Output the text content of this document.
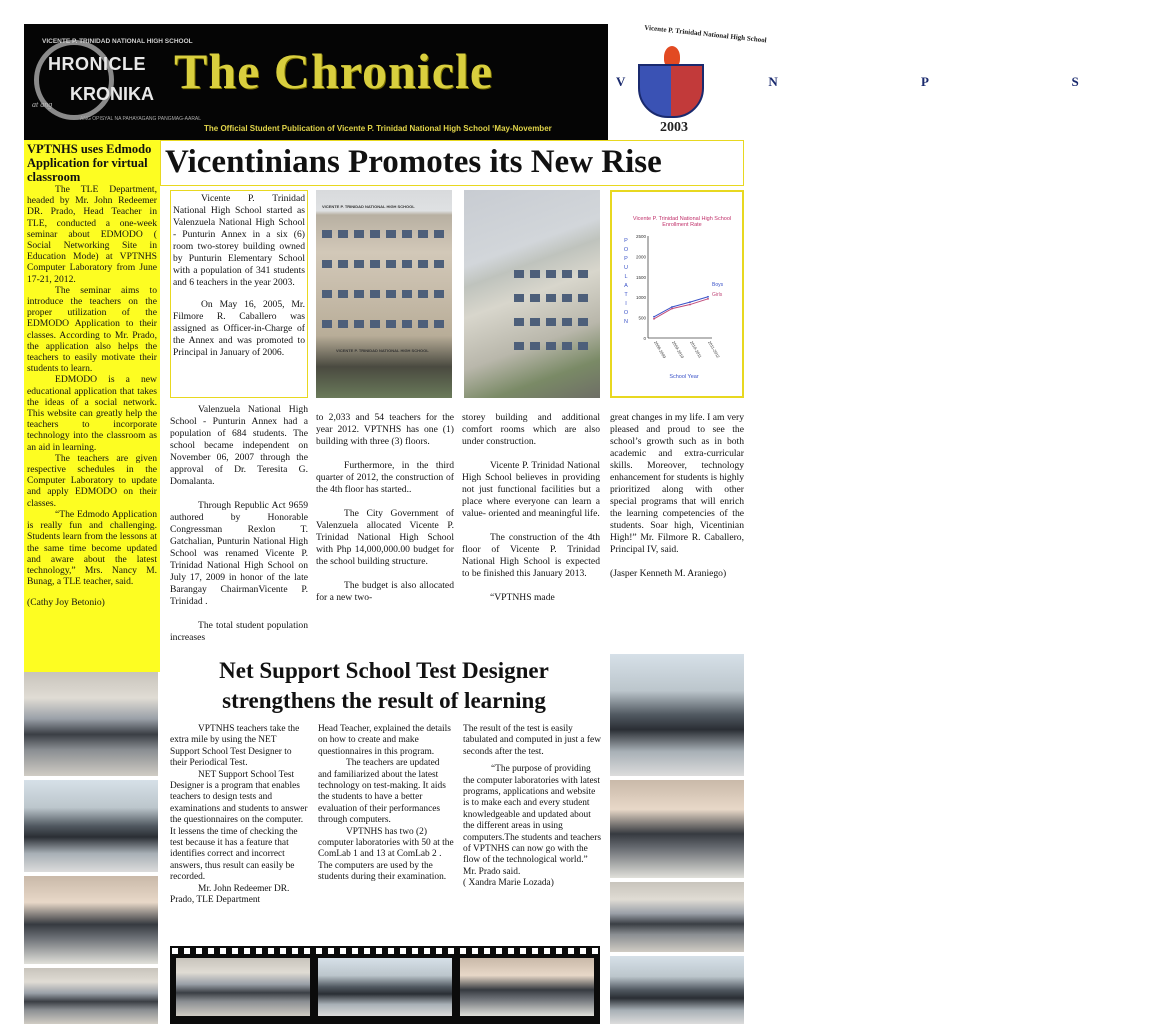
VICENTE P. TRINIDAD NATIONAL HIGH SCHOOL
HRONICLE
at ang
KRONIKA
ANG OPISYAL NA PAHAYAGANG PANGMAG-AARAL
The Chronicle
The Official Student Publication of Vicente P. Trinidad National High School ‘May-November
Vicente P. Trinidad National High School
V N P S
2003
VPTNHS uses Edmodo Application for virtual classroom

The TLE Department, headed by Mr. John Redeemer DR. Prado, Head Teacher in TLE, conducted a one-week seminar about EDMODO ( Social Networking Site in Education Mode) at VPTNHS Computer Laboratory from June 17-21, 2012.

The seminar aims to introduce the teachers on the proper utilization of the EDMODO Application to their classes. According to Mr. Prado, the application also helps the teachers to easily motivate their students to learn.

EDMODO is a new educational application that takes the ideas of a social network. This website can greatly help the teachers to incorporate technology into the classroom as an aid in learning.

The teachers are given respective schedules in the Computer Laboratory to update and apply EDMODO on their classes.

“The Edmodo Application is really fun and challenging. Students learn from the lessons at the same time become updated and aware about the latest technology,” Mrs. Nancy M. Bunag, a TLE teacher, said.

(Cathy Joy Betonio)

Vicentinians Promotes its New Rise

Vicente P. Trinidad National High School started as Valenzuela National High School - Punturin Annex in a six (6) room two-storey building owned by Punturin Elementary School with a population of 341 students and 6 teachers in the year 2003.

On May 16, 2005, Mr. Filmore R. Caballero was assigned as Officer-in-Charge of the Annex and was promoted to Principal in January of 2006.

VICENTE P. TRINIDAD NATIONAL HIGH SCHOOL
VICENTE P. TRINIDAD NATIONAL HIGH SCHOOL
Vicente P. Trinidad National High School Enrollment Rate
0
500
1000
1500
2000
2500
2008-2009 2009-2010 2010-2011 2011-2012
P
O
P
U
L
A
T
I
O
N
School Year
Boys
Girls

Valenzuela National High School - Punturin Annex had a population of 684 students. The school became independent on November 06, 2007 through the approval of Dr. Teresita G. Domalanta.

Through Republic Act 9659 authored by Honorable Congressman Rexlon T. Gatchalian, Punturin National High School was renamed Vicente P. Trinidad National High School on July 17, 2009 in honor of the late Barangay ChairmanVicente P. Trinidad .

The total student population increases

to 2,033 and 54 teachers for the year 2012. VPTNHS has one (1) building with three (3) floors.

Furthermore, in the third quarter of 2012, the construction of the 4th floor has started..

The City Government of Valenzuela allocated Vicente P. Trinidad National High School with Php 14,000,000.00 budget for the school building structure.

The budget is also allocated for a new two-

storey building and additional comfort rooms which are also under construction.

Vicente P. Trinidad National High School believes in providing not just functional facilities but a place where everyone can learn a value- oriented and meaningful life.

The construction of the 4th floor of Vicente P. Trinidad National High School is expected to be finished this January 2013.

“VPTNHS made

great changes in my life. I am very pleased and proud to see the school’s growth such as in both academic and extra-curricular skills. Moreover, technology enhancement for students is highly prioritized along with other special programs that will enrich the learning competencies of the students. Soar high, Vicentinian High!” Mr. Filmore R. Caballero, Principal IV, said.

(Jasper Kenneth M. Araniego)

Net Support School Test Designer strengthens the result of learning

VPTNHS teachers take the extra mile by using the NET Support School Test Designer to their Periodical Test.

NET Support School Test Designer is a program that enables teachers to design tests and examinations and students to answer the questionnaires on the computer. It lessens the time of checking the test because it has a feature that identifies correct and incorrect answers, thus result can easily be recorded.

Mr. John Redeemer DR. Prado, TLE Department

Head Teacher, explained the details on how to create and make questionnaires in this program.

The teachers are updated and familiarized about the latest technology on test-making. It aids the students to have a better evaluation of their performances through computers.

VPTNHS has two (2) computer laboratories with 50 at the ComLab 1 and 13 at ComLab 2 . The computers are used by the students during their examination.

The result of the test is easily tabulated and computed in just a few seconds after the test.

“The purpose of providing the computer laboratories with latest programs, applications and website is to make each and every student knowledgeable and updated about the different areas in using computers.The students and teachers of VPTNHS can now go with the flow of the technological world.” Mr. Prado said.

( Xandra Marie Lozada)
